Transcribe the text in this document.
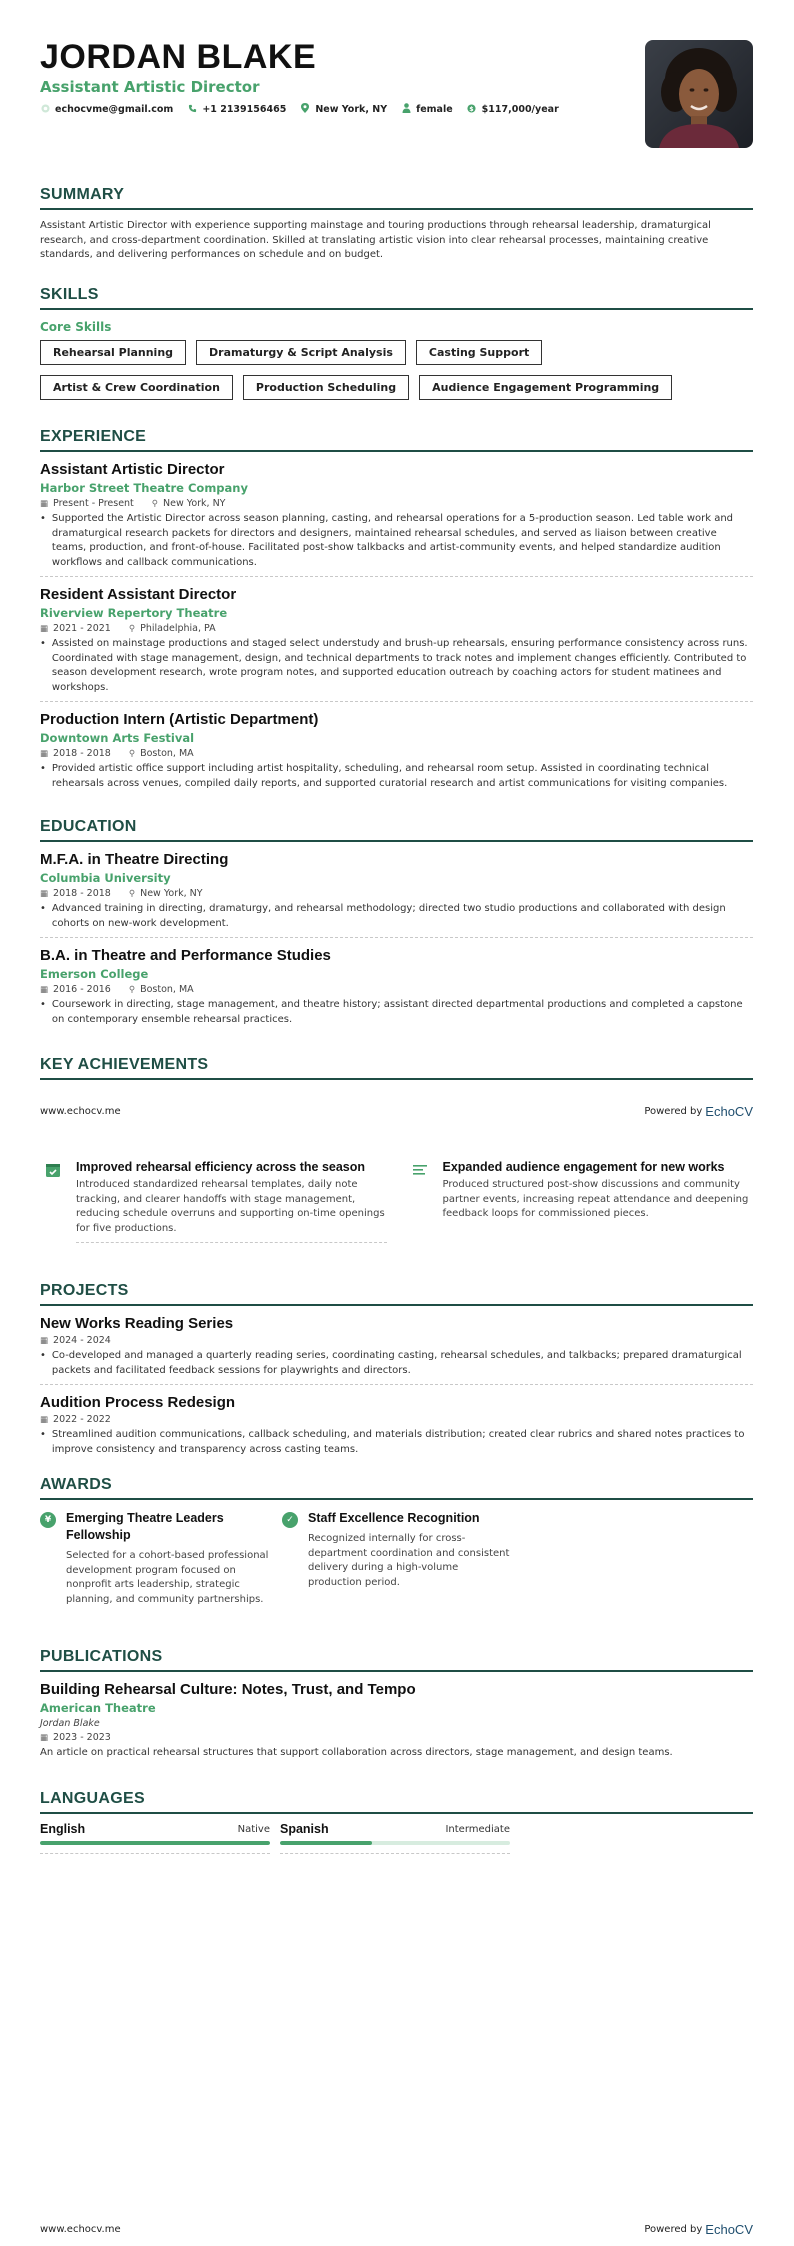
JORDAN BLAKE
Assistant Artistic Director
echocvme@gmail.com	+1 2139156465	New York, NY	female $ $117,000/year
SUMMARY
Assistant Artistic Director with experience supporting mainstage and touring productions through rehearsal leadership, dramaturgical research, and cross-department coordination. Skilled at translating artistic vision into clear rehearsal processes, maintaining creative standards, and delivering performances on schedule and on budget.
SKILLS
Core Skills
Rehearsal Planning	Dramaturgy & Script Analysis	Casting Support
Artist & Crew Coordination	Production Scheduling	Audience Engagement Programming
EXPERIENCE
Assistant Artistic Director
Harbor Street Theatre Company
▦ Present - Present ⚲ New York, NY
• Supported the Artistic Director across season planning, casting, and rehearsal operations for a 5-production season. Led table work and dramaturgical research packets for directors and designers, maintained rehearsal schedules, and served as liaison between creative teams, production, and front-of-house. Facilitated post-show talkbacks and artist-community events, and helped standardize audition workflows and callback communications.
Resident Assistant Director
Riverview Repertory Theatre
▦ 2021 - 2021 ⚲ Philadelphia, PA
• Assisted on mainstage productions and staged select understudy and brush-up rehearsals, ensuring performance consistency across runs. Coordinated with stage management, design, and technical departments to track notes and implement changes efficiently. Contributed to season development research, wrote program notes, and supported education outreach by coaching actors for student matinees and workshops.
Production Intern (Artistic Department)
Downtown Arts Festival
▦ 2018 - 2018 ⚲ Boston, MA
• Provided artistic office support including artist hospitality, scheduling, and rehearsal room setup. Assisted in coordinating technical rehearsals across venues, compiled daily reports, and supported curatorial research and artist communications for visiting companies.
EDUCATION
M.F.A. in Theatre Directing
Columbia University
▦ 2018 - 2018 ⚲ New York, NY
• Advanced training in directing, dramaturgy, and rehearsal methodology; directed two studio productions and collaborated with design cohorts on new-work development.
B.A. in Theatre and Performance Studies
Emerson College
▦ 2016 - 2016 ⚲ Boston, MA
• Coursework in directing, stage management, and theatre history; assistant directed departmental productions and completed a capstone on contemporary ensemble rehearsal practices.
KEY ACHIEVEMENTS
www.echocv.me	Powered by EchoCV
Improved rehearsal efficiency across the season
Introduced standardized rehearsal templates, daily note tracking, and clearer handoffs with stage management, reducing schedule overruns and supporting on-time openings for five productions.
Expanded audience engagement for new works
Produced structured post-show discussions and community partner events, increasing repeat attendance and deepening feedback loops for commissioned pieces.
PROJECTS
New Works Reading Series
▦ 2024 - 2024
• Co-developed and managed a quarterly reading series, coordinating casting, rehearsal schedules, and talkbacks; prepared dramaturgical packets and facilitated feedback sessions for playwrights and directors.
Audition Process Redesign
▦ 2022 - 2022
• Streamlined audition communications, callback scheduling, and materials distribution; created clear rubrics and shared notes practices to improve consistency and transparency across casting teams.
AWARDS
¥	Emerging Theatre Leaders Fellowship
Selected for a cohort-based professional development program focused on nonprofit arts leadership, strategic planning, and community partnerships.
✓	Staff Excellence Recognition
Recognized internally for cross-department coordination and consistent delivery during a high-volume production period.
PUBLICATIONS
Building Rehearsal Culture: Notes, Trust, and Tempo
American Theatre
Jordan Blake
▦ 2023 - 2023
An article on practical rehearsal structures that support collaboration across directors, stage management, and design teams.
LANGUAGES
English	Native Spanish	Intermediate
www.echocv.me	Powered by EchoCV
